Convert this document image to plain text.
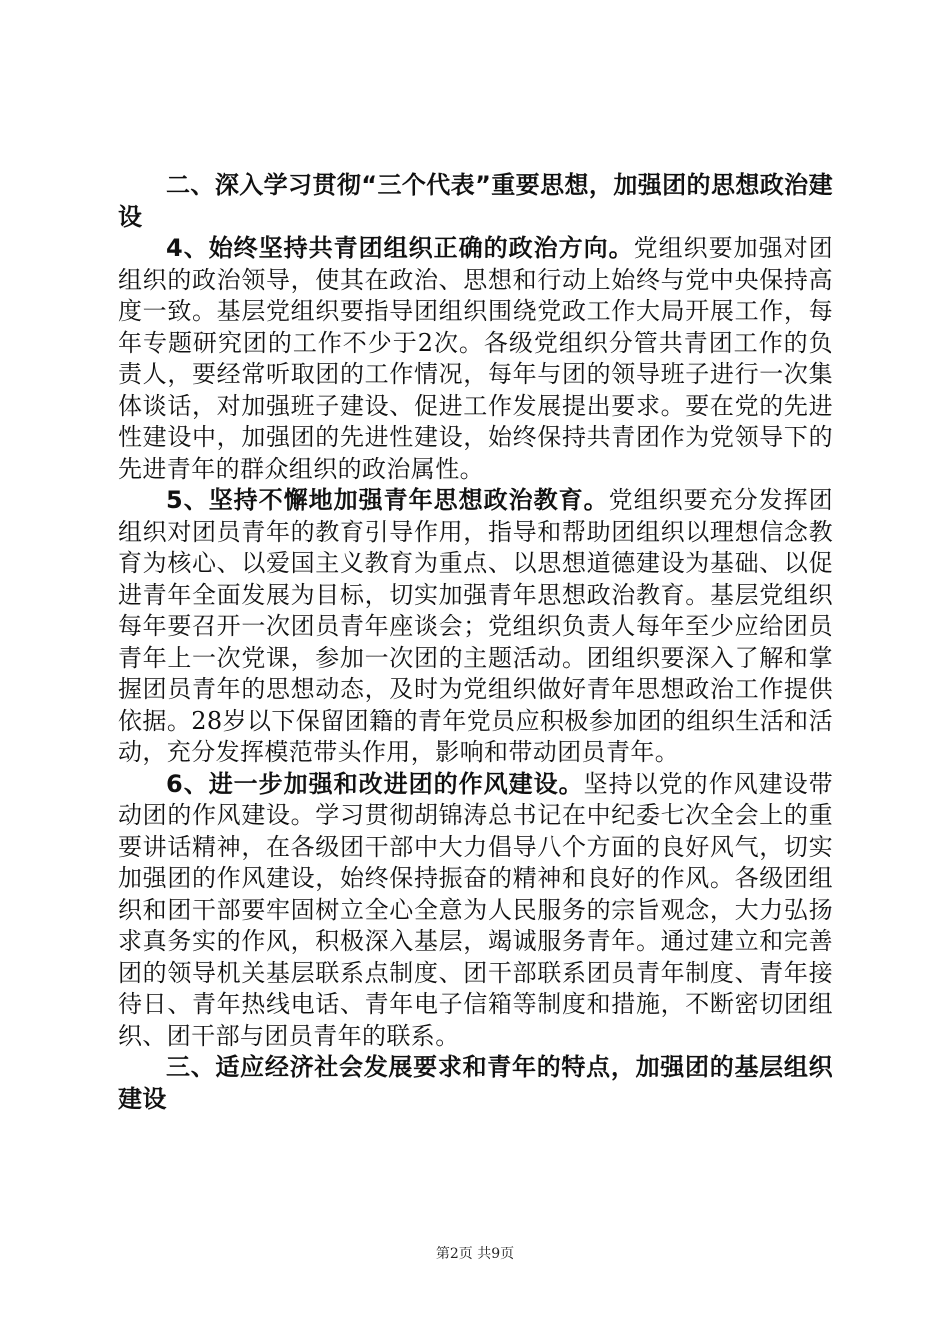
二、深入学习贯彻“三个代表”重要思想，加强团的思想政治建设

4、始终坚持共青团组织正确的政治方向。党组织要加强对团组织的政治领导，使其在政治、思想和行动上始终与党中央保持高度一致。基层党组织要指导团组织围绕党政工作大局开展工作，每年专题研究团的工作不少于2次。各级党组织分管共青团工作的负责人，要经常听取团的工作情况，每年与团的领导班子进行一次集体谈话，对加强班子建设、促进工作发展提出要求。要在党的先进性建设中，加强团的先进性建设，始终保持共青团作为党领导下的先进青年的群众组织的政治属性。

5、坚持不懈地加强青年思想政治教育。党组织要充分发挥团组织对团员青年的教育引导作用，指导和帮助团组织以理想信念教育为核心、以爱国主义教育为重点、以思想道德建设为基础、以促进青年全面发展为目标，切实加强青年思想政治教育。基层党组织每年要召开一次团员青年座谈会；党组织负责人每年至少应给团员青年上一次党课，参加一次团的主题活动。团组织要深入了解和掌握团员青年的思想动态，及时为党组织做好青年思想政治工作提供依据。28岁以下保留团籍的青年党员应积极参加团的组织生活和活动，充分发挥模范带头作用，影响和带动团员青年。

6、进一步加强和改进团的作风建设。坚持以党的作风建设带动团的作风建设。学习贯彻胡锦涛总书记在中纪委七次全会上的重要讲话精神，在各级团干部中大力倡导八个方面的良好风气，切实加强团的作风建设，始终保持振奋的精神和良好的作风。各级团组织和团干部要牢固树立全心全意为人民服务的宗旨观念，大力弘扬求真务实的作风，积极深入基层，竭诚服务青年。通过建立和完善团的领导机关基层联系点制度、团干部联系团员青年制度、青年接待日、青年热线电话、青年电子信箱等制度和措施，不断密切团组织、团干部与团员青年的联系。

三、适应经济社会发展要求和青年的特点，加强团的基层组织建设

第2页 共9页
